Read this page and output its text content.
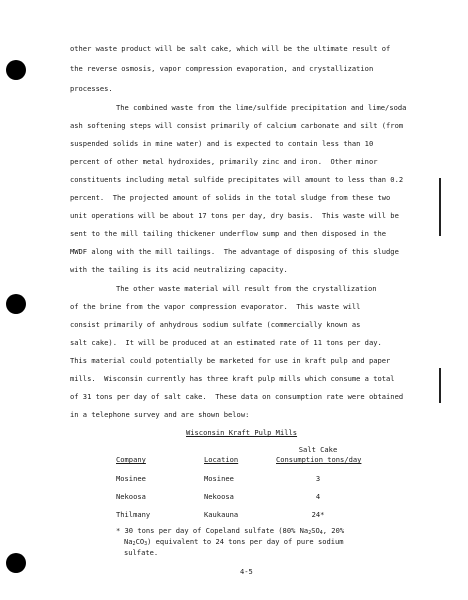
other waste product will be salt cake, which will be the ultimate result of
the reverse osmosis, vapor compression evaporation, and crystallization
processes.
The combined waste from the lime/sulfide precipitation and lime/soda
ash softening steps will consist primarily of calcium carbonate and silt (from
suspended solids in mine water) and is expected to contain less than 10
percent of other metal hydroxides, primarily zinc and iron.  Other minor
constituents including metal sulfide precipitates will amount to less than 0.2
percent.  The projected amount of solids in the total sludge from these two
unit operations will be about 17 tons per day, dry basis.  This waste will be
sent to the mill tailing thickener underflow sump and then disposed in the
MWDF along with the mill tailings.  The advantage of disposing of this sludge
with the tailing is its acid neutralizing capacity.
The other waste material will result from the crystallization
of the brine from the vapor compression evaporator.  This waste will
consist primarily of anhydrous sodium sulfate (commercially known as
salt cake).  It will be produced at an estimated rate of 11 tons per day.
This material could potentially be marketed for use in kraft pulp and paper
mills.  Wisconsin currently has three kraft pulp mills which consume a total
of 31 tons per day of salt cake.  These data on consumption rate were obtained
in a telephone survey and are shown below:
Wisconsin Kraft Pulp Mills
Salt Cake
Company	Location	Consumption tons/day
Mosinee	Mosinee	3
Nekoosa	Nekoosa	4
Thilmany	Kaukauna	24*
* 30 tons per day of Copeland sulfate (80% $Na_2SO_4$, 20%
$Na_2CO_3$) equivalent to 24 tons per day of pure sodium
sulfate.
4-5
